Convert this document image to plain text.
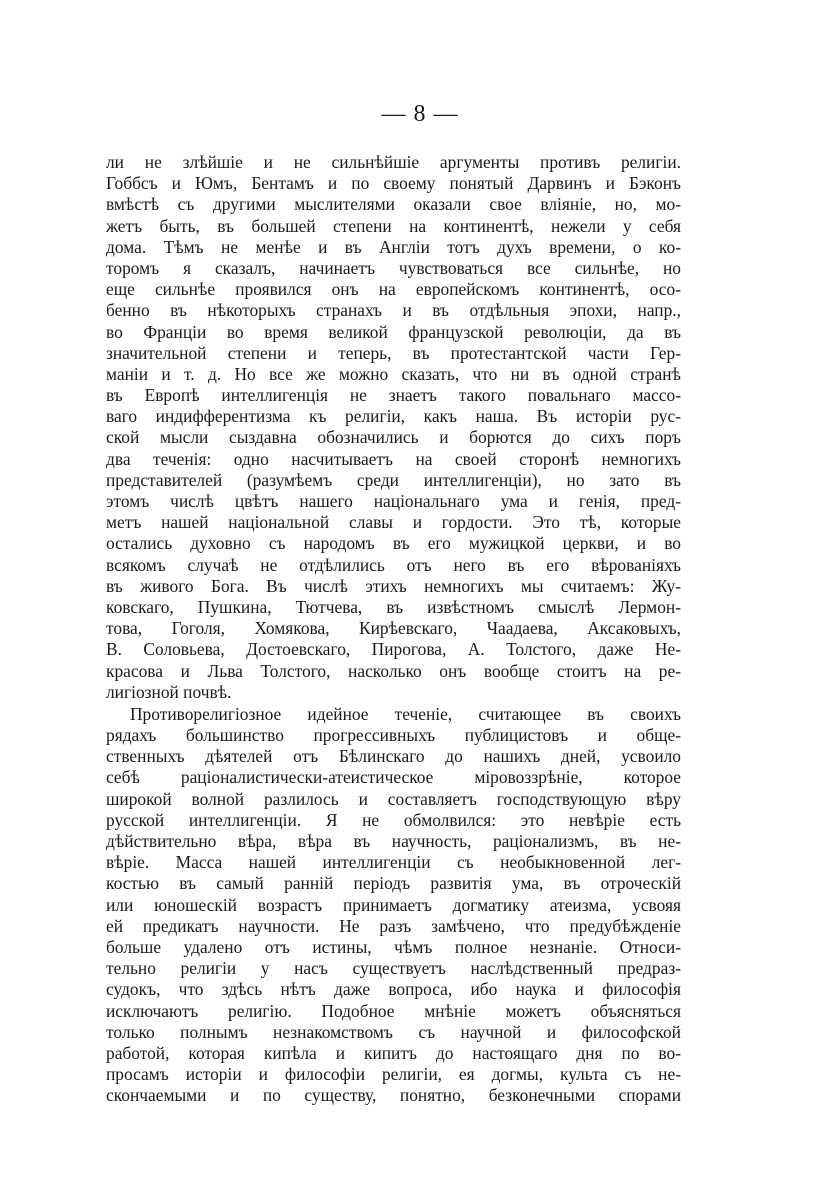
— 8 —
ли не злѣйшіе и не сильнѣйшіе аргументы противъ религіи.
Гоббсъ и Юмъ, Бентамъ и по своему понятый Дарвинъ и Бэконъ
вмѣстѣ съ другими мыслителями оказали свое вліяніе, но, мо-
жетъ быть, въ большей степени на континентѣ, нежели у себя
дома. Тѣмъ не менѣе и въ Англіи тотъ духъ времени, о ко-
торомъ я сказалъ, начинаетъ чувствоваться все сильнѣе, но
еще сильнѣе проявился онъ на европейскомъ континентѣ, осо-
бенно въ нѣкоторыхъ странахъ и въ отдѣльныя эпохи, напр.,
во Франціи во время великой французской революціи, да въ
значительной степени и теперь, въ протестантской части Гер-
маніи и т. д. Но все же можно сказать, что ни въ одной странѣ
въ Европѣ интеллигенція не знаетъ такого повальнаго массо-
ваго индифферентизма къ религіи, какъ наша. Въ исторіи рус-
ской мысли сыздавна обозначились и борются до сихъ поръ
два теченія: одно насчитываетъ на своей сторонѣ немногихъ
представителей (разумѣемъ среди интеллигенціи), но зато въ
этомъ числѣ цвѣтъ нашего національнаго ума и генія, пред-
метъ нашей національной славы и гордости. Это тѣ, которые
остались духовно съ народомъ въ его мужицкой церкви, и во
всякомъ случаѣ не отдѣлились отъ него въ его вѣрованіяхъ
въ живого Бога. Въ числѣ этихъ немногихъ мы считаемъ: Жу-
ковскаго, Пушкина, Тютчева, въ извѣстномъ смыслѣ Лермон-
това, Гоголя, Хомякова, Кирѣевскаго, Чаадаева, Аксаковыхъ,
В. Соловьева, Достоевскаго, Пирогова, А. Толстого, даже Не-
красова и Льва Толстого, насколько онъ вообще стоитъ на ре-
лигіозной почвѣ.
Противорелигіозное идейное теченіе, считающее въ своихъ
рядахъ большинство прогрессивныхъ публицистовъ и обще-
ственныхъ дѣятелей отъ Бѣлинскаго до нашихъ дней, усвоило
себѣ раціоналистически-атеистическое міровоззрѣніе, которое
широкой волной разлилось и составляетъ господствующую вѣру
русской интеллигенціи. Я не обмолвился: это невѣріе есть
дѣйствительно вѣра, вѣра въ научность, раціонализмъ, въ не-
вѣріе. Масса нашей интеллигенціи съ необыкновенной лег-
костью въ самый ранній періодъ развитія ума, въ отроческій
или юношескій возрастъ принимаетъ догматику атеизма, усвояя
ей предикатъ научности. Не разъ замѣчено, что предубѣжденіе
больше удалено отъ истины, чѣмъ полное незнаніе. Относи-
тельно религіи у насъ существуетъ наслѣдственный предраз-
судокъ, что здѣсь нѣтъ даже вопроса, ибо наука и философія
исключаютъ религію. Подобное мнѣніе можетъ объясняться
только полнымъ незнакомствомъ съ научной и философской
работой, которая кипѣла и кипитъ до настоящаго дня по во-
просамъ исторіи и философіи религіи, ея догмы, культа съ не-
скончаемыми и по существу, понятно, безконечными спорами
